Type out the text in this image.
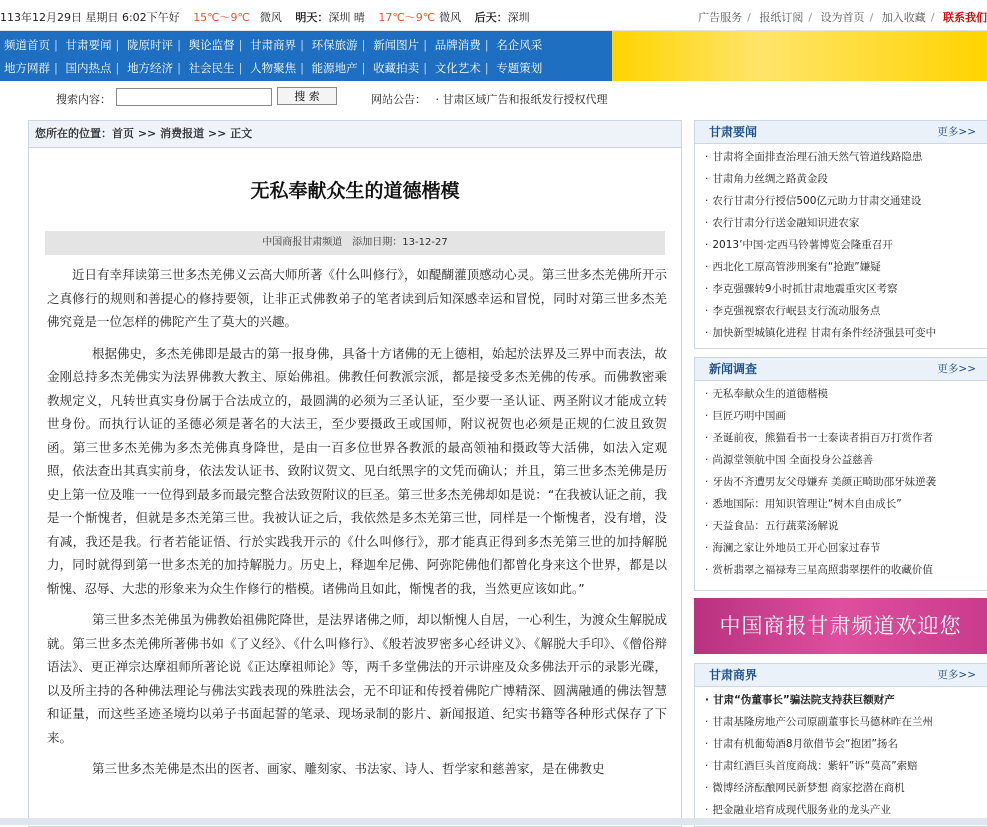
113年12月29日 星期日 6:02下午好 15℃～9℃ 微风 明天：深圳 晴 17℃～9℃ 微风 后天：深圳	广告服务 / 报纸订阅 / 设为首页 / 加入收藏 / 联系我们
频道首页 | 甘肃要闻 | 陇原时评 | 舆论监督 | 甘肃商界 | 环保旅游 | 新闻图片 | 品牌消费 | 名企风采
地方网群 | 国内热点 | 地方经济 | 社会民生 | 人物聚焦 | 能源地产 | 收藏拍卖 | 文化艺术 | 专题策划
搜索内容：	搜 索	网站公告： · 甘肃区域广告和报纸发行授权代理
您所在的位置：首页 >> 消费报道 >> 正文
无私奉献众生的道德楷模
中国商报甘肃频道　添加日期：13-12-27

近日有幸拜读第三世多杰羌佛义云高大师所著《什么叫修行》，如醍醐灌顶感动心灵。第三世多杰羌佛所开示之真修行的规则和善提心的修持要领，让非正式佛教弟子的笔者读到后知深感幸运和冒悦，同时对第三世多杰羌佛究竟是一位怎样的佛陀产生了莫大的兴趣。

根据佛史，多杰羌佛即是最古的第一报身佛，具备十方诸佛的无上德相，始起於法界及三界中而表法，故金刚总持多杰羌佛实为法界佛教大教主、原始佛祖。佛教任何教派宗派，都是接受多杰羌佛的传承。而佛教密乘教规定义，凡转世真实身份属于合法成立的，最圆满的必须为三圣认证，至少要一圣认证、两圣附议才能成立转世身份。而执行认证的圣德必须是著名的大法王，至少要摄政王或国师，附议祝贺也必须是正规的仁波且致贺函。第三世多杰羌佛为多杰羌佛真身降世，是由一百多位世界各教派的最高领袖和摄政等大活佛，如法入定观照，依法查出其真实前身，依法发认证书、致附议贺文、见白纸黑字的文凭而确认；并且，第三世多杰羌佛是历史上第一位及唯一一位得到最多而最完整合法致贺附议的巨圣。第三世多杰羌佛却如是说：“在我被认证之前，我是一个惭愧者，但就是多杰羌第三世。我被认证之后，我依然是多杰羌第三世，同样是一个惭愧者，没有增，没有减，我还是我。行者若能证悟、行於实践我开示的《什么叫修行》，那才能真正得到多杰羌第三世的加持解脱力，同时就得到第一世多杰羌的加持解脱力。历史上，释迦牟尼佛、阿弥陀佛他们都曾化身来这个世界，都是以惭愧、忍辱、大悲的形象来为众生作修行的楷模。诸佛尚且如此，惭愧者的我，当然更应该如此。”

第三世多杰羌佛虽为佛教始祖佛陀降世，是法界诸佛之师，却以惭愧人自居，一心利生，为渡众生解脱成就。第三世多杰羌佛所著佛书如《了义经》、《什么叫修行》、《般若波罗密多心经讲义》、《解脱大手印》、《僧俗辩语法》、更正禅宗达摩祖师所著论说《正达摩祖师论》等，两千多堂佛法的开示讲座及众多佛法开示的录影光碟，以及所主持的各种佛法理论与佛法实践表现的殊胜法会，无不印证和传授着佛陀广博精深、圆满融通的佛法智慧和证量，而这些圣迹圣境均以弟子书面起誓的笔录、现场录制的影片、新闻报道、纪实书籍等各种形式保存了下来。

第三世多杰羌佛是杰出的医者、画家、雕刻家、书法家、诗人、哲学家和慈善家，是在佛教史

甘肃要闻	更多>>
· 甘肃将全面排查治理石油天然气管道线路隐患
· 甘肃角力丝绸之路黄金段
· 农行甘肃分行授信500亿元助力甘肃交通建设
· 农行甘肃分行送金融知识进农家
· 2013’中国·定西马铃薯博览会隆重召开
· 西北化工原高管涉刑案有“抢跑”嫌疑
· 李克强骤转9小时抓甘肃地震重灾区考察
· 李克强视察农行岷县支行流动服务点
· 加快新型城镇化进程 甘肃有条件经济强县可变中
新闻调查	更多>>
· 无私奉献众生的道德楷模
· 巨匠巧明中国画
· 圣诞前夜，熊猫看书一士泰读者捐百万打赏作者
· 尚源堂领航中国 全面投身公益慈善
· 牙齿不齐遭男友父母嫌弃 美颜正畸助邵牙妹逆袭
· 悉地国际：用知识管理让“树木自由成长”
· 天益食品：五行蔬菜汤解说
· 海澜之家让外地员工开心回家过春节
· 赏析翡翠之福禄寿三星高照翡翠摆件的收藏价值
中国商报甘肃频道欢迎您
甘肃商界	更多>>
· 甘肃“伪董事长”骗法院支持获巨额财产
· 甘肃基隆房地产公司原副董事长马德林昨在兰州
· 甘肃有机葡萄酒8月欲借节会“抱团”扬名
· 甘肃红酒巨头首度商战：紫轩”诉“莫高”索赔
· 微博经济酝酿网民新梦想 商家挖潜在商机
· 把金融业培育成现代服务业的龙头产业
